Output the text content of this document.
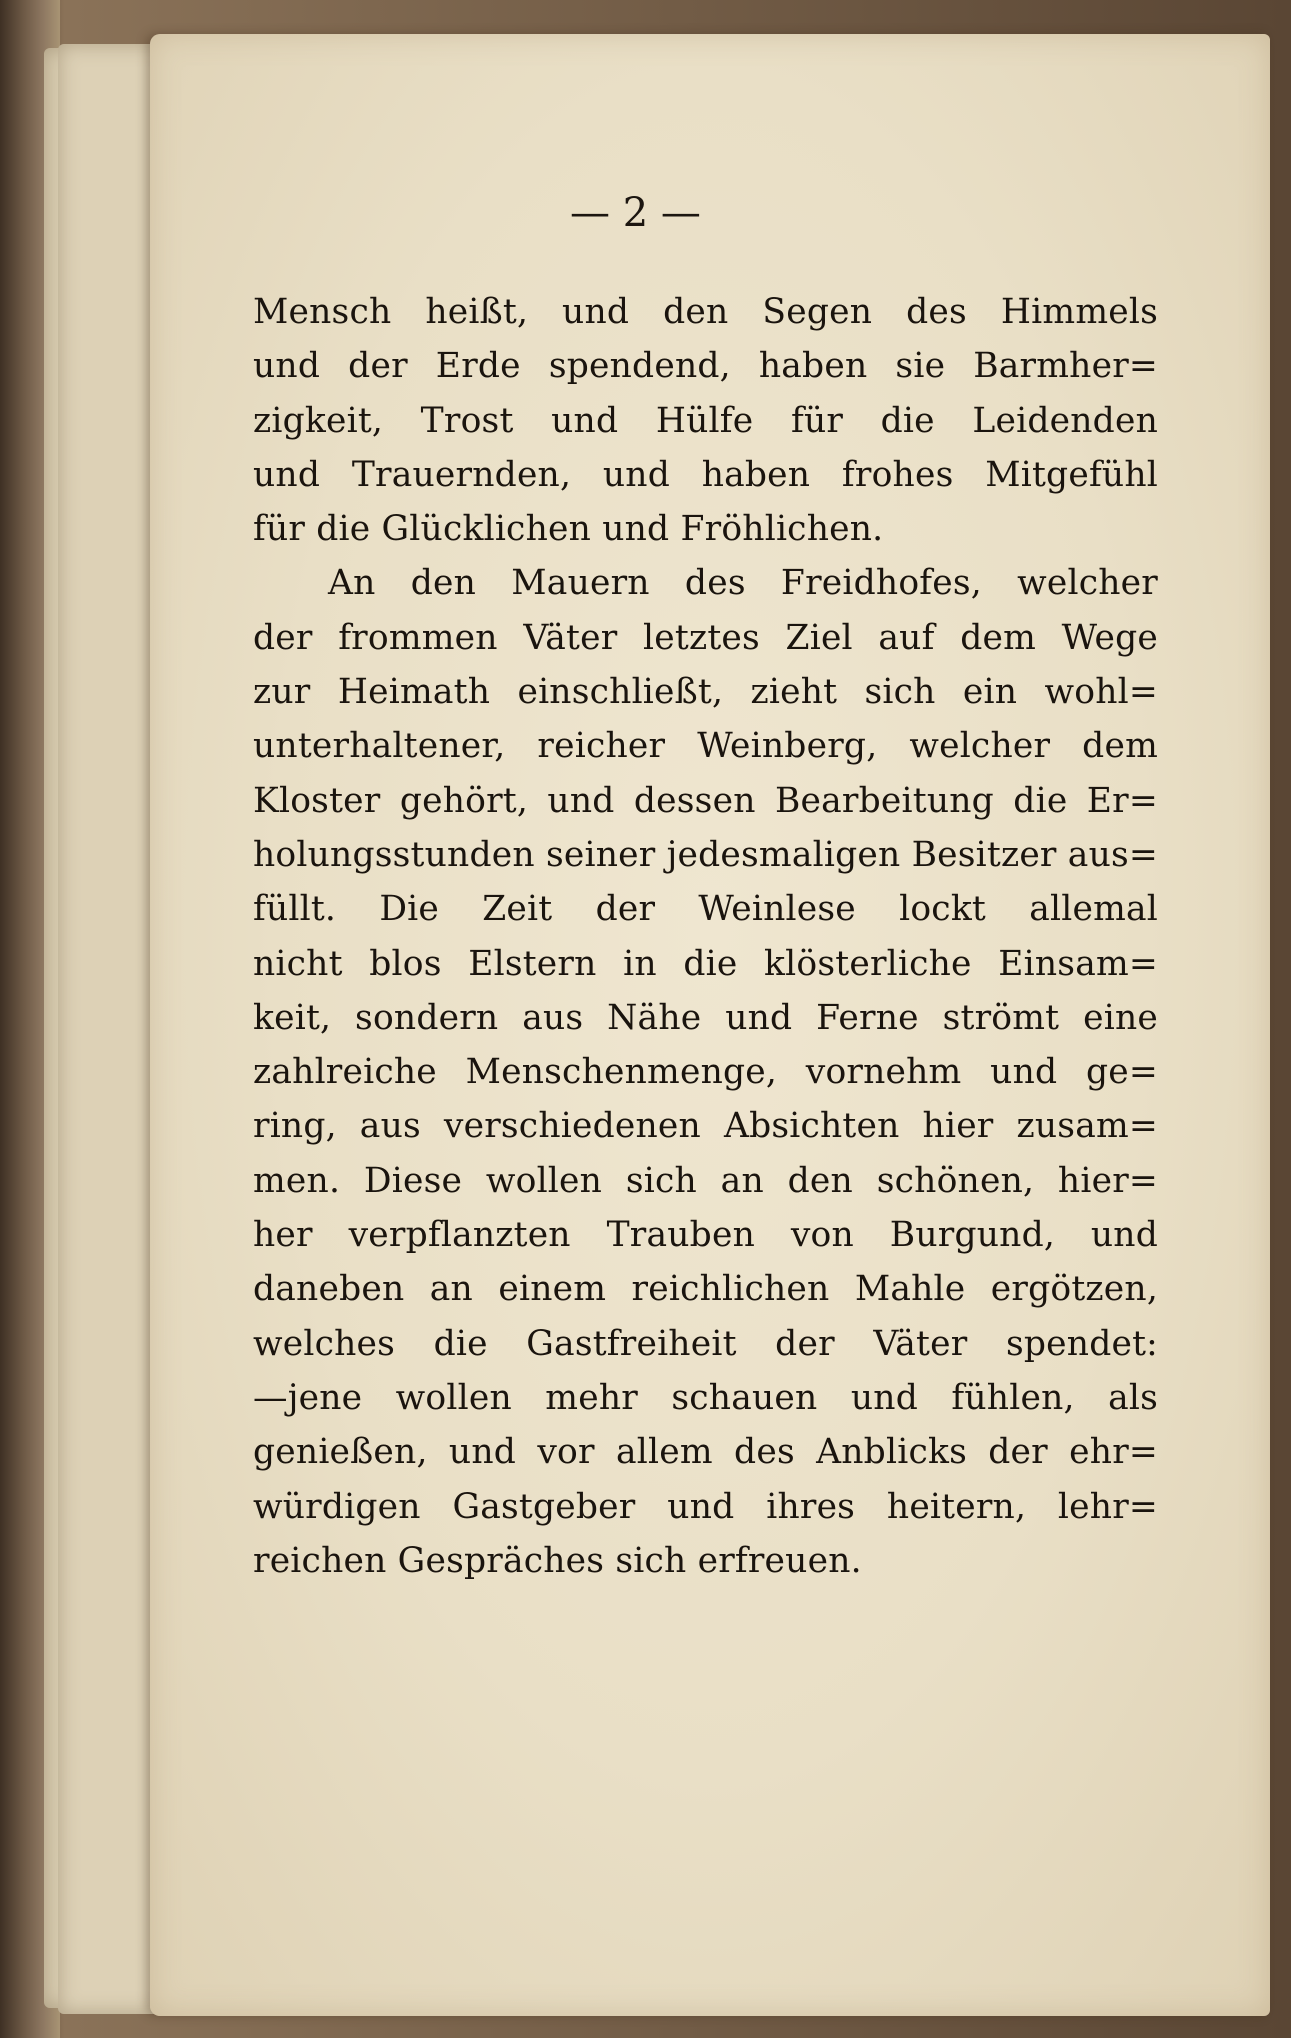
— 2 —
Mensch heißt, und den Segen des Himmels
und der Erde spendend, haben sie Barmher=
zigkeit, Trost und Hülfe für die Leidenden
und Trauernden, und haben frohes Mitgefühl
für die Glücklichen und Fröhlichen.
An den Mauern des Freidhofes, welcher
der frommen Väter letztes Ziel auf dem Wege
zur Heimath einschließt, zieht sich ein wohl=
unterhaltener, reicher Weinberg, welcher dem
Kloster gehört, und dessen Bearbeitung die Er=
holungsstunden seiner jedesmaligen Besitzer aus=
füllt. Die Zeit der Weinlese lockt allemal
nicht blos Elstern in die klösterliche Einsam=
keit, sondern aus Nähe und Ferne strömt eine
zahlreiche Menschenmenge, vornehm und ge=
ring, aus verschiedenen Absichten hier zusam=
men. Diese wollen sich an den schönen, hier=
her verpflanzten Trauben von Burgund, und
daneben an einem reichlichen Mahle ergötzen,
welches die Gastfreiheit der Väter spendet:
—jene wollen mehr schauen und fühlen, als
genießen, und vor allem des Anblicks der ehr=
würdigen Gastgeber und ihres heitern, lehr=
reichen Gespräches sich erfreuen.
